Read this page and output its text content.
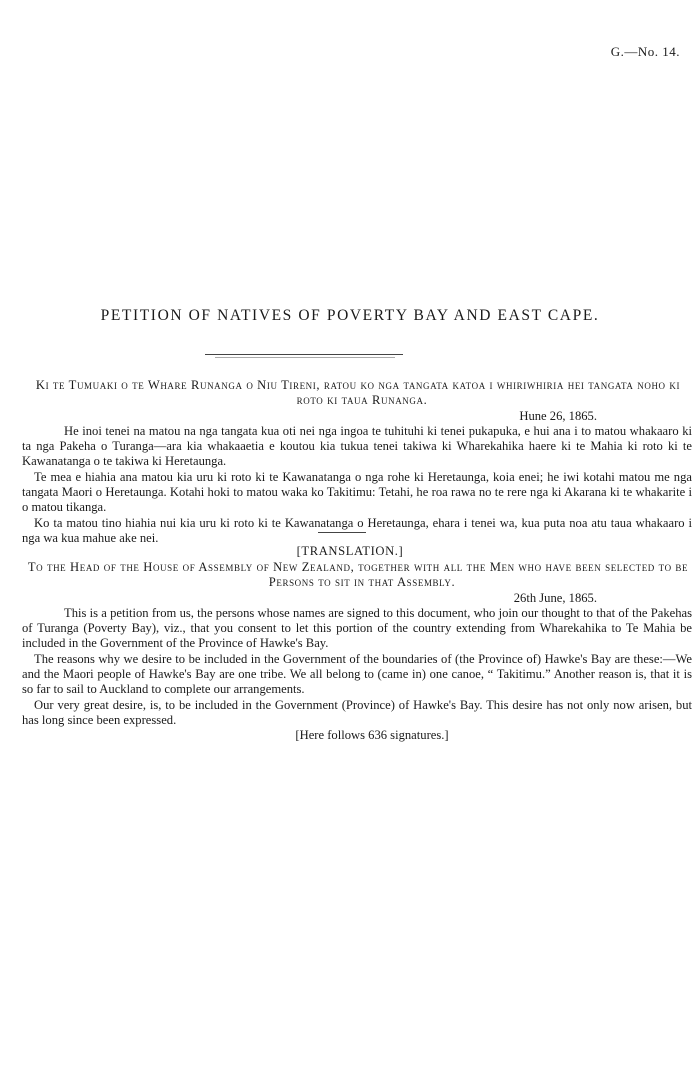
G.—No. 14.
PETITION OF NATIVES OF POVERTY BAY AND EAST CAPE.
Ki te Tumuaki o te Whare Runanga o Niu Tireni, ratou ko nga tangata katoa i whiriwhiria hei tangata noho ki roto ki taua Runanga.
Hune 26, 1865.

He inoi tenei na matou na nga tangata kua oti nei nga ingoa te tuhituhi ki tenei pukapuka, e hui ana i to matou whakaaro ki ta nga Pakeha o Turanga—ara kia whakaaetia e koutou kia tukua tenei takiwa ki Wharekahika haere ki te Mahia ki roto ki te Kawanatanga o te takiwa ki Heretaunga.

Te mea e hiahia ana matou kia uru ki roto ki te Kawanatanga o nga rohe ki Heretaunga, koia enei; he iwi kotahi matou me nga tangata Maori o Heretaunga. Kotahi hoki to matou waka ko Takitimu: Tetahi, he roa rawa no te rere nga ki Akarana ki te whakarite i o matou tikanga.

Ko ta matou tino hiahia nui kia uru ki roto ki te Kawanatanga o Heretaunga, ehara i tenei wa, kua puta noa atu taua whakaaro i nga wa kua mahue ake nei.

[TRANSLATION.]
To the Head of the House of Assembly of New Zealand, together with all the Men who have been selected to be Persons to sit in that Assembly.
26th June, 1865.

This is a petition from us, the persons whose names are signed to this document, who join our thought to that of the Pakehas of Turanga (Poverty Bay), viz., that you consent to let this portion of the country extending from Wharekahika to Te Mahia be included in the Government of the Province of Hawke's Bay.

The reasons why we desire to be included in the Government of the boundaries of (the Province of) Hawke's Bay are these:—We and the Maori people of Hawke's Bay are one tribe. We all belong to (came in) one canoe, “ Takitimu.” Another reason is, that it is so far to sail to Auckland to complete our arrangements.

Our very great desire, is, to be included in the Government (Province) of Hawke's Bay. This desire has not only now arisen, but has long since been expressed.

[Here follows 636 signatures.]
